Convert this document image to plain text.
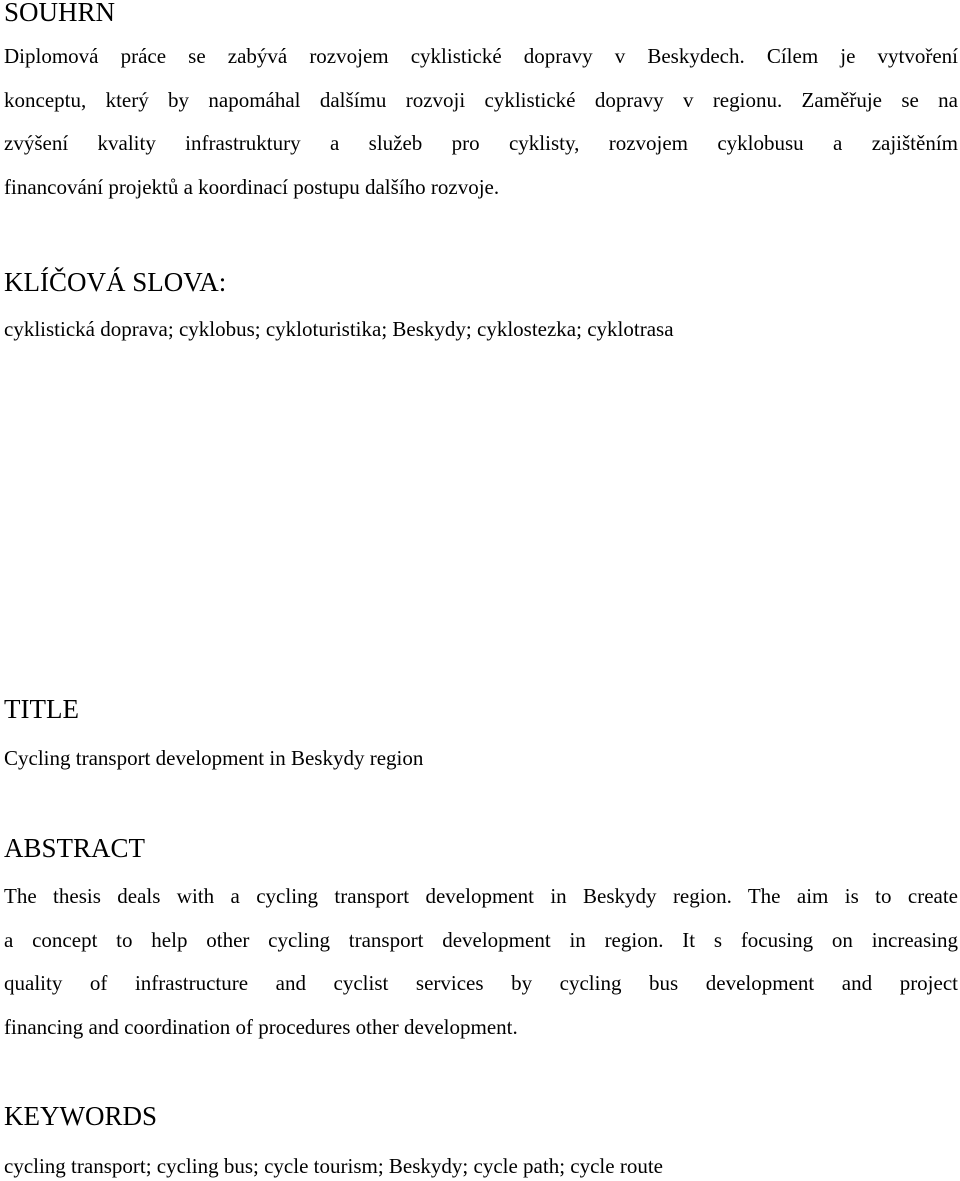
SOUHRN
Diplomová práce se zabývá rozvojem cyklistické dopravy v Beskydech. Cílem je vytvoření
konceptu, který by napomáhal dalšímu rozvoji cyklistické dopravy v regionu. Zaměřuje se na
zvýšení kvality infrastruktury a služeb pro cyklisty, rozvojem cyklobusu a zajištěním
financování projektů a koordinací postupu dalšího rozvoje.
KLÍČOVÁ SLOVA:

cyklistická doprava; cyklobus; cykloturistika; Beskydy; cyklostezka; cyklotrasa

TITLE

Cycling transport development in Beskydy region

ABSTRACT
The thesis deals with a cycling transport development in Beskydy region. The aim is to create
a concept to help other cycling transport development in region. It s focusing on increasing
quality of infrastructure and cyclist services by cycling bus development and project
financing and coordination of procedures other development.
KEYWORDS

cycling transport; cycling bus; cycle tourism; Beskydy; cycle path; cycle route
